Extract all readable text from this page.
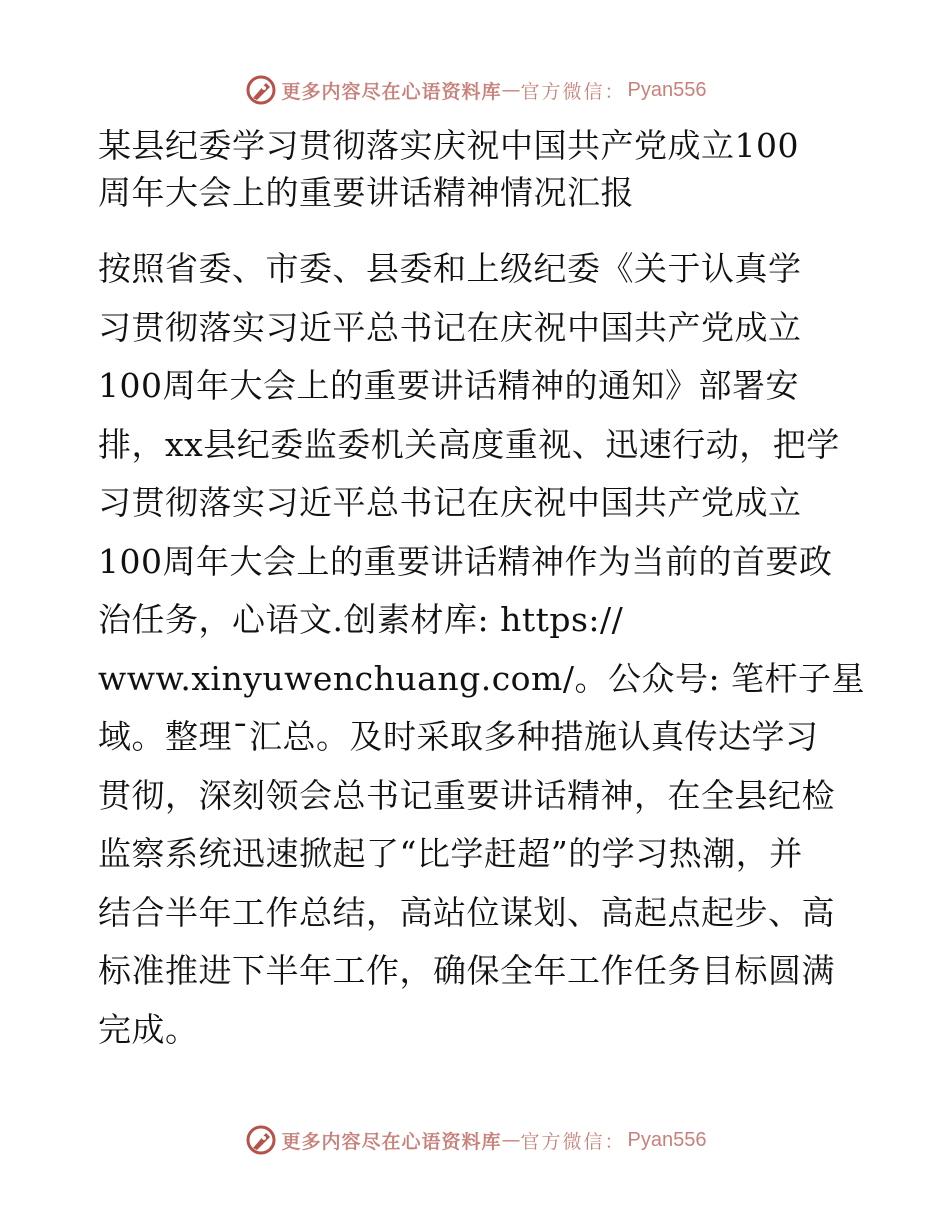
更多内容尽在心语资料库 — 官方微信： Pyan556
某县纪委学习贯彻落实庆祝中国共产党成立100
周年大会上的重要讲话精神情况汇报
按照省委、市委、县委和上级纪委《关于认真学
习贯彻落实习近平总书记在庆祝中国共产党成立
100周年大会上的重要讲话精神的通知》部署安
排，xx县纪委监委机关高度重视、迅速行动，把学
习贯彻落实习近平总书记在庆祝中国共产党成立
100周年大会上的重要讲话精神作为当前的首要政
治任务，心语文.创素材库: https://
www.xinyuwenchuang.com/。公众号: 笔杆子星
域。整理¯汇总。及时采取多种措施认真传达学习
贯彻，深刻领会总书记重要讲话精神，在全县纪检
监察系统迅速掀起了“比学赶超”的学习热潮，并
结合半年工作总结，高站位谋划、高起点起步、高
标准推进下半年工作，确保全年工作任务目标圆满
完成。
更多内容尽在心语资料库 — 官方微信： Pyan556
